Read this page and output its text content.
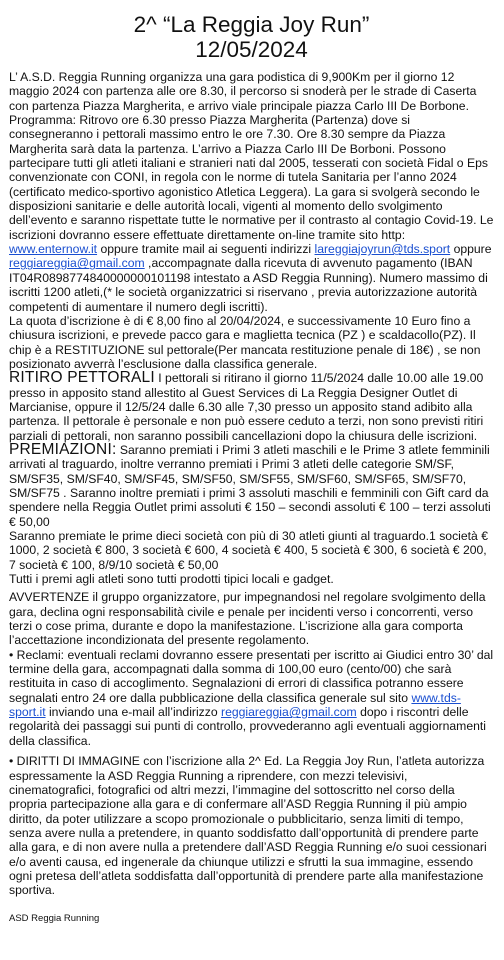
2^ “La Reggia Joy Run”
12/05/2024

L’ A.S.D. Reggia Running organizza una gara podistica di 9,900Km per il giorno 12 maggio 2024 con partenza alle ore 8.30, il percorso si snoderà per le strade di Caserta con partenza Piazza Margherita, e arrivo viale principale piazza Carlo III De Borbone. Programma: Ritrovo ore 6.30 presso Piazza Margherita (Partenza) dove si consegneranno i pettorali massimo entro le ore 7.30. Ore 8.30 sempre da Piazza Margherita sarà data la partenza. L’arrivo a Piazza Carlo III De Borboni. Possono partecipare tutti gli atleti italiani e stranieri nati dal 2005, tesserati con società Fidal o Eps convenzionate con CONI, in regola con le norme di tutela Sanitaria per l’anno 2024 (certificato medico-sportivo agonistico Atletica Leggera). La gara si svolgerà secondo le disposizioni sanitarie e delle autorità locali, vigenti al momento dello svolgimento dell’evento e saranno rispettate tutte le normative per il contrasto al contagio Covid-19. Le iscrizioni dovranno essere effettuate direttamente on-line tramite sito http: www.enternow.it oppure tramite mail ai seguenti indirizzi lareggiajoyrun@tds.sport oppure reggiareggia@gmail.com ,accompagnate dalla ricevuta di avvenuto pagamento (IBAN IT04R0898774840000000101198 intestato a ASD Reggia Running). Numero massimo di iscritti 1200 atleti,(* le società organizzatrici si riservano , previa autorizzazione autorità competenti di aumentare il numero degli iscritti).

La quota d’iscrizione è di € 8,00 fino al 20/04/2024, e successivamente 10 Euro fino a chiusura iscrizioni, e prevede pacco gara e maglietta tecnica (PZ ) e scaldacollo(PZ). Il chip è a RESTITUZIONE sul pettorale(Per mancata restituzione penale di 18€) , se non posizionato avverrà l’esclusione dalla classifica generale.

RITIRO PETTORALI I pettorali si ritirano il giorno 11/5/2024 dalle 10.00 alle 19.00 presso in apposito stand allestito al Guest Services di La Reggia Designer Outlet di Marcianise, oppure il 12/5/24 dalle 6.30 alle 7,30 presso un apposito stand adibito alla partenza. Il pettorale è personale e non può essere ceduto a terzi, non sono previsti ritiri parziali di pettorali, non saranno possibili cancellazioni dopo la chiusura delle iscrizioni.

PREMIAZIONI: Saranno premiati i Primi 3 atleti maschili e le Prime 3 atlete femminili arrivati al traguardo, inoltre verranno premiati i Primi 3 atleti delle categorie SM/SF, SM/SF35, SM/SF40, SM/SF45, SM/SF50, SM/SF55, SM/SF60, SM/SF65, SM/SF70, SM/SF75 . Saranno inoltre premiati i primi 3 assoluti maschili e femminili con Gift card da spendere nella Reggia Outlet primi assoluti € 150 – secondi assoluti € 100 – terzi assoluti € 50,00

Saranno premiate le prime dieci società con più di 30 atleti giunti al traguardo.1 società € 1000, 2 società € 800, 3 società € 600, 4 società € 400, 5 società € 300, 6 società € 200, 7 società € 100, 8/9/10 società € 50,00

Tutti i premi agli atleti sono tutti prodotti tipici locali e gadget.

AVVERTENZE il gruppo organizzatore, pur impegnandosi nel regolare svolgimento della gara, declina ogni responsabilità civile e penale per incidenti verso i concorrenti, verso terzi o cose prima, durante e dopo la manifestazione. L’iscrizione alla gara comporta l’accettazione incondizionata del presente regolamento.

• Reclami: eventuali reclami dovranno essere presentati per iscritto ai Giudici entro 30’ dal termine della gara, accompagnati dalla somma di 100,00 euro (cento/00) che sarà restituita in caso di accoglimento. Segnalazioni di errori di classifica potranno essere segnalati entro 24 ore dalla pubblicazione della classifica generale sul sito www.tds-sport.it inviando una e-mail all’indirizzo reggiareggia@gmail.com dopo i riscontri delle regolarità dei passaggi sui punti di controllo, provvederanno agli eventuali aggiornamenti della classifica.

• DIRITTI DI IMMAGINE con l’iscrizione alla 2^ Ed. La Reggia Joy Run, l’atleta autorizza espressamente la ASD Reggia Running a riprendere, con mezzi televisivi, cinematografici, fotografici od altri mezzi, l’immagine del sottoscritto nel corso della propria partecipazione alla gara e di confermare all’ASD Reggia Running il più ampio diritto, da poter utilizzare a scopo promozionale o pubblicitario, senza limiti di tempo, senza avere nulla a pretendere, in quanto soddisfatto dall’opportunità di prendere parte alla gara, e di non avere nulla a pretendere dall’ASD Reggia Running e/o suoi cessionari e/o aventi causa, ed ingenerale da chiunque utilizzi e sfrutti la sua immagine, essendo ogni pretesa dell’atleta soddisfatta dall’opportunità di prendere parte alla manifestazione sportiva.

ASD Reggia Running
